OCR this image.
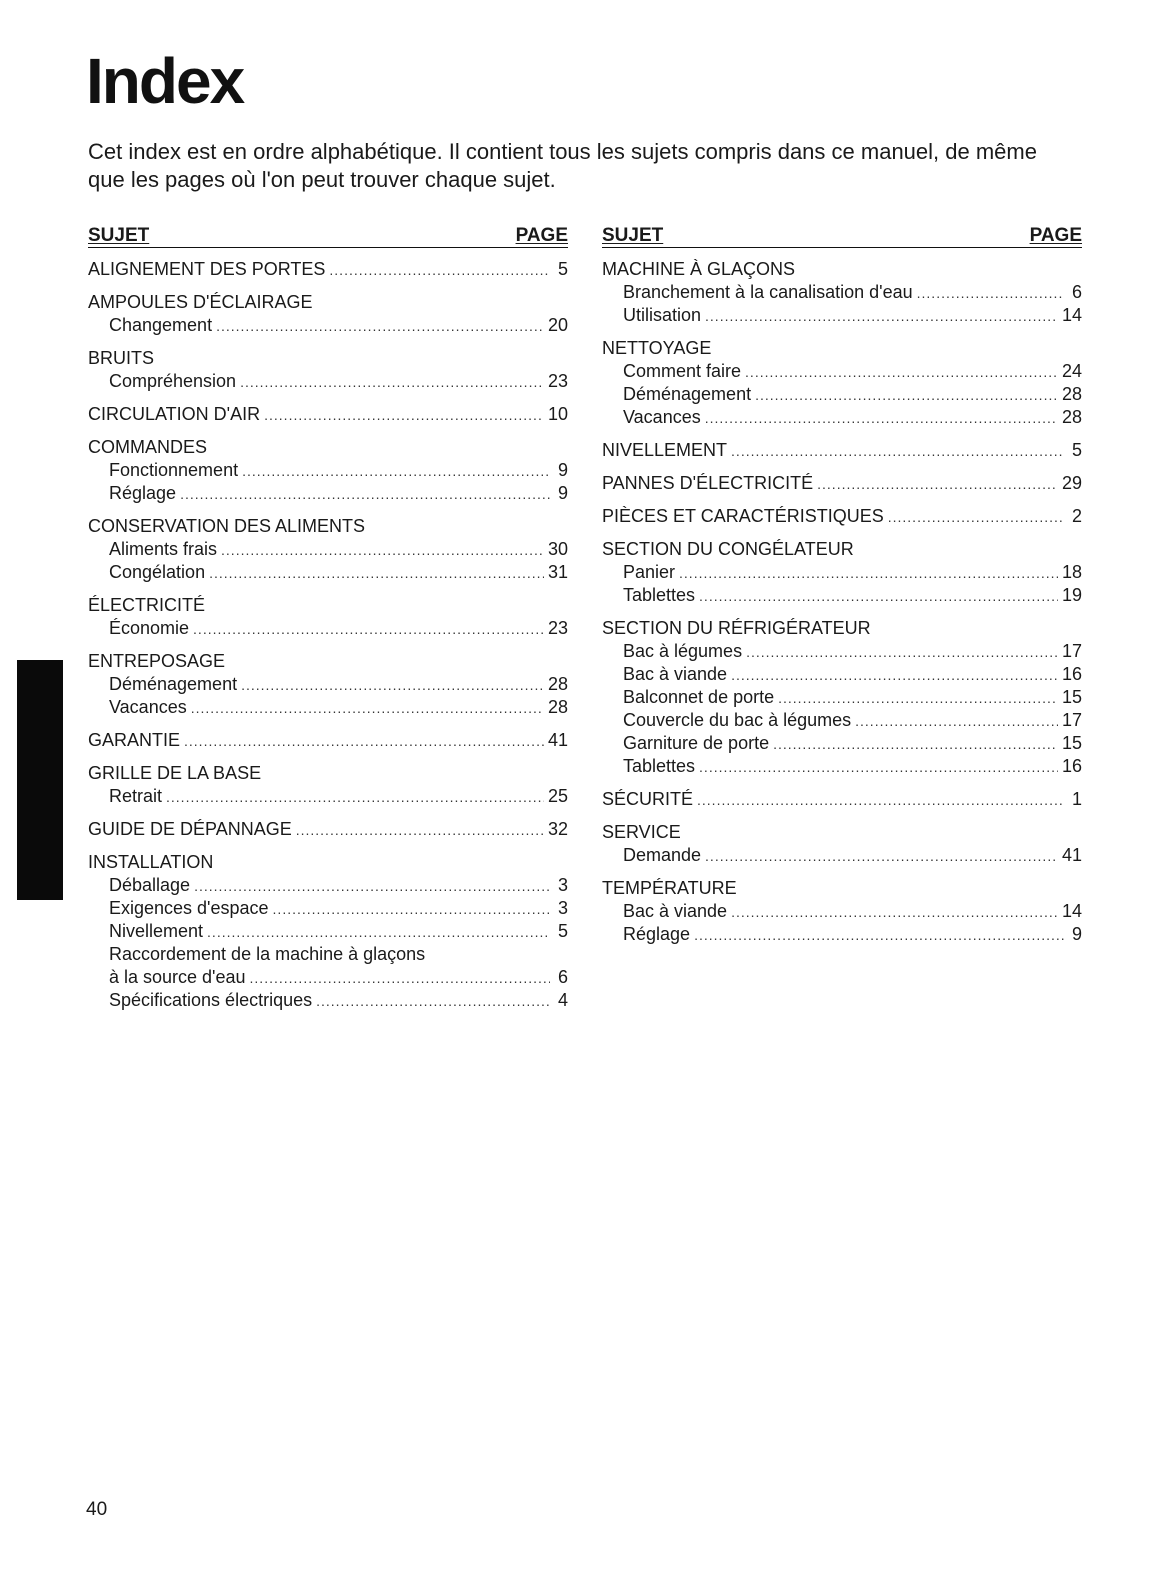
Index

Cet index est en ordre alphabétique. Il contient tous les sujets compris dans ce manuel, de même que les pages où l'on peut trouver chaque sujet.

SUJET	PAGE
ALIGNEMENT DES PORTES .....	5
AMPOULES D'ÉCLAIRAGE
Changement .....	20
BRUITS
Compréhension .....	23
CIRCULATION D'AIR .....	10
COMMANDES
Fonctionnement .....	9
Réglage .....	9
CONSERVATION DES ALIMENTS
Aliments frais .....	30
Congélation .....	31
ÉLECTRICITÉ
Économie .....	23
ENTREPOSAGE
Déménagement .....	28
Vacances .....	28
GARANTIE .....	41
GRILLE DE LA BASE
Retrait .....	25
GUIDE DE DÉPANNAGE .....	32
INSTALLATION
Déballage .....	3
Exigences d'espace .....	3
Nivellement .....	5
Raccordement de la machine à glaçons
à la source d'eau .....	6
Spécifications électriques .....	4
SUJET	PAGE
MACHINE À GLAÇONS
Branchement à la canalisation d'eau .....	6
Utilisation .....	14
NETTOYAGE
Comment faire .....	24
Déménagement .....	28
Vacances .....	28
NIVELLEMENT .....	5
PANNES D'ÉLECTRICITÉ .....	29
PIÈCES ET CARACTÉRISTIQUES .....	2
SECTION DU CONGÉLATEUR
Panier .....	18
Tablettes .....	19
SECTION DU RÉFRIGÉRATEUR
Bac à légumes .....	17
Bac à viande .....	16
Balconnet de porte .....	15
Couvercle du bac à légumes .....	17
Garniture de porte .....	15
Tablettes .....	16
SÉCURITÉ .....	1
SERVICE
Demande .....	41
TEMPÉRATURE
Bac à viande .....	14
Réglage .....	9
40
